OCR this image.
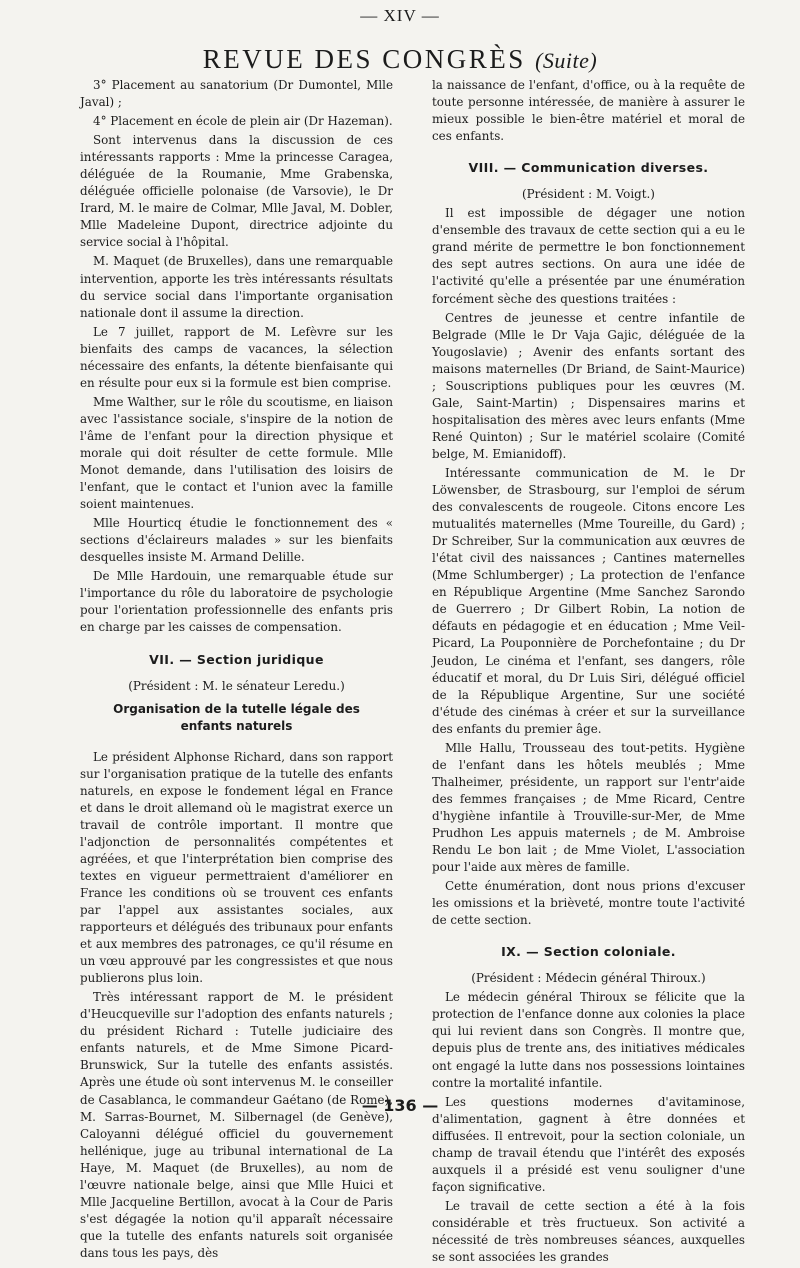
— XIV —
REVUE DES CONGRÈS (Suite)

3° Placement au sanatorium (Dr Dumontel, Mlle Javal) ;

4° Placement en école de plein air (Dr Hazeman).

Sont intervenus dans la discussion de ces intéressants rapports : Mme la princesse Caragea, déléguée de la Roumanie, Mme Grabenska, déléguée officielle polonaise (de Varsovie), le Dr Irard, M. le maire de Colmar, Mlle Javal, M. Dobler, Mlle Madeleine Dupont, directrice adjointe du service social à l'hôpital.

M. Maquet (de Bruxelles), dans une remarquable intervention, apporte les très intéressants résultats du service social dans l'importante organisation nationale dont il assume la direction.

Le 7 juillet, rapport de M. Lefèvre sur les bienfaits des camps de vacances, la sélection nécessaire des enfants, la détente bienfaisante qui en résulte pour eux si la formule est bien comprise.

Mme Walther, sur le rôle du scoutisme, en liaison avec l'assistance sociale, s'inspire de la notion de l'âme de l'enfant pour la direction physique et morale qui doit résulter de cette formule. Mlle Monot demande, dans l'utilisation des loisirs de l'enfant, que le contact et l'union avec la famille soient maintenues.

Mlle Hourticq étudie le fonctionnement des « sections d'éclaireurs malades » sur les bienfaits desquelles insiste M. Armand Delille.

De Mlle Hardouin, une remarquable étude sur l'importance du rôle du laboratoire de psychologie pour l'orientation professionnelle des enfants pris en charge par les caisses de compensation.

VII. — Section juridique

(Président : M. le sénateur Leredu.)

Organisation de la tutelle légale des enfants naturels

Le président Alphonse Richard, dans son rapport sur l'organisation pratique de la tutelle des enfants naturels, en expose le fondement légal en France et dans le droit allemand où le magistrat exerce un travail de contrôle important. Il montre que l'adjonction de personnalités compétentes et agréées, et que l'interprétation bien comprise des textes en vigueur permettraient d'améliorer en France les conditions où se trouvent ces enfants par l'appel aux assistantes sociales, aux rapporteurs et délégués des tribunaux pour enfants et aux membres des patronages, ce qu'il résume en un vœu approuvé par les congressistes et que nous publierons plus loin.

Très intéressant rapport de M. le président d'Heucqueville sur l'adoption des enfants naturels ; du président Richard : Tutelle judiciaire des enfants naturels, et de Mme Simone Picard-Brunswick, Sur la tutelle des enfants assistés. Après une étude où sont intervenus M. le conseiller de Casablanca, le commandeur Gaétano (de Rome), M. Sarras-Bournet, M. Silbernagel (de Genève), Caloyanni délégué officiel du gouvernement hellénique, juge au tribunal international de La Haye, M. Maquet (de Bruxelles), au nom de l'œuvre nationale belge, ainsi que Mlle Huici et Mlle Jacqueline Bertillon, avocat à la Cour de Paris s'est dégagée la notion qu'il apparaît nécessaire que la tutelle des enfants naturels soit organisée dans tous les pays, dès

la naissance de l'enfant, d'office, ou à la requête de toute personne intéressée, de manière à assurer le mieux possible le bien-être matériel et moral de ces enfants.

VIII. — Communication diverses.

(Président : M. Voigt.)

Il est impossible de dégager une notion d'ensemble des travaux de cette section qui a eu le grand mérite de permettre le bon fonctionnement des sept autres sections. On aura une idée de l'activité qu'elle a présentée par une énumération forcément sèche des questions traitées :

Centres de jeunesse et centre infantile de Belgrade (Mlle le Dr Vaja Gajic, déléguée de la Yougoslavie) ; Avenir des enfants sortant des maisons maternelles (Dr Briand, de Saint-Maurice) ; Souscriptions publiques pour les œuvres (M. Gale, Saint-Martin) ; Dispensaires marins et hospitalisation des mères avec leurs enfants (Mme René Quinton) ; Sur le matériel scolaire (Comité belge, M. Emianidoff).

Intéressante communication de M. le Dr Löwensber, de Strasbourg, sur l'emploi de sérum des convalescents de rougeole. Citons encore Les mutualités maternelles (Mme Toureille, du Gard) ; Dr Schreiber, Sur la communication aux œuvres de l'état civil des naissances ; Cantines maternelles (Mme Schlumberger) ; La protection de l'enfance en République Argentine (Mme Sanchez Sarondo de Guerrero ; Dr Gilbert Robin, La notion de défauts en pédagogie et en éducation ; Mme Veil-Picard, La Pouponnière de Porchefontaine ; du Dr Jeudon, Le cinéma et l'enfant, ses dangers, rôle éducatif et moral, du Dr Luis Siri, délégué officiel de la République Argentine, Sur une société d'étude des cinémas à créer et sur la surveillance des enfants du premier âge.

Mlle Hallu, Trousseau des tout-petits. Hygiène de l'enfant dans les hôtels meublés ; Mme Thalheimer, présidente, un rapport sur l'entr'aide des femmes françaises ; de Mme Ricard, Centre d'hygiène infantile à Trouville-sur-Mer, de Mme Prudhon Les appuis maternels ; de M. Ambroise Rendu Le bon lait ; de Mme Violet, L'association pour l'aide aux mères de famille.

Cette énumération, dont nous prions d'excuser les omissions et la brièveté, montre toute l'activité de cette section.

IX. — Section coloniale.

(Président : Médecin général Thiroux.)

Le médecin général Thiroux se félicite que la protection de l'enfance donne aux colonies la place qui lui revient dans son Congrès. Il montre que, depuis plus de trente ans, des initiatives médicales ont engagé la lutte dans nos possessions lointaines contre la mortalité infantile.

Les questions modernes d'avitaminose, d'alimentation, gagnent à être données et diffusées. Il entrevoit, pour la section coloniale, un champ de travail étendu que l'intérêt des exposés auxquels il a présidé est venu souligner d'une façon significative.

Le travail de cette section a été à la fois considérable et très fructueux. Son activité a nécessité de très nombreuses séances, auxquelles se sont associées les grandes

— 136 —
